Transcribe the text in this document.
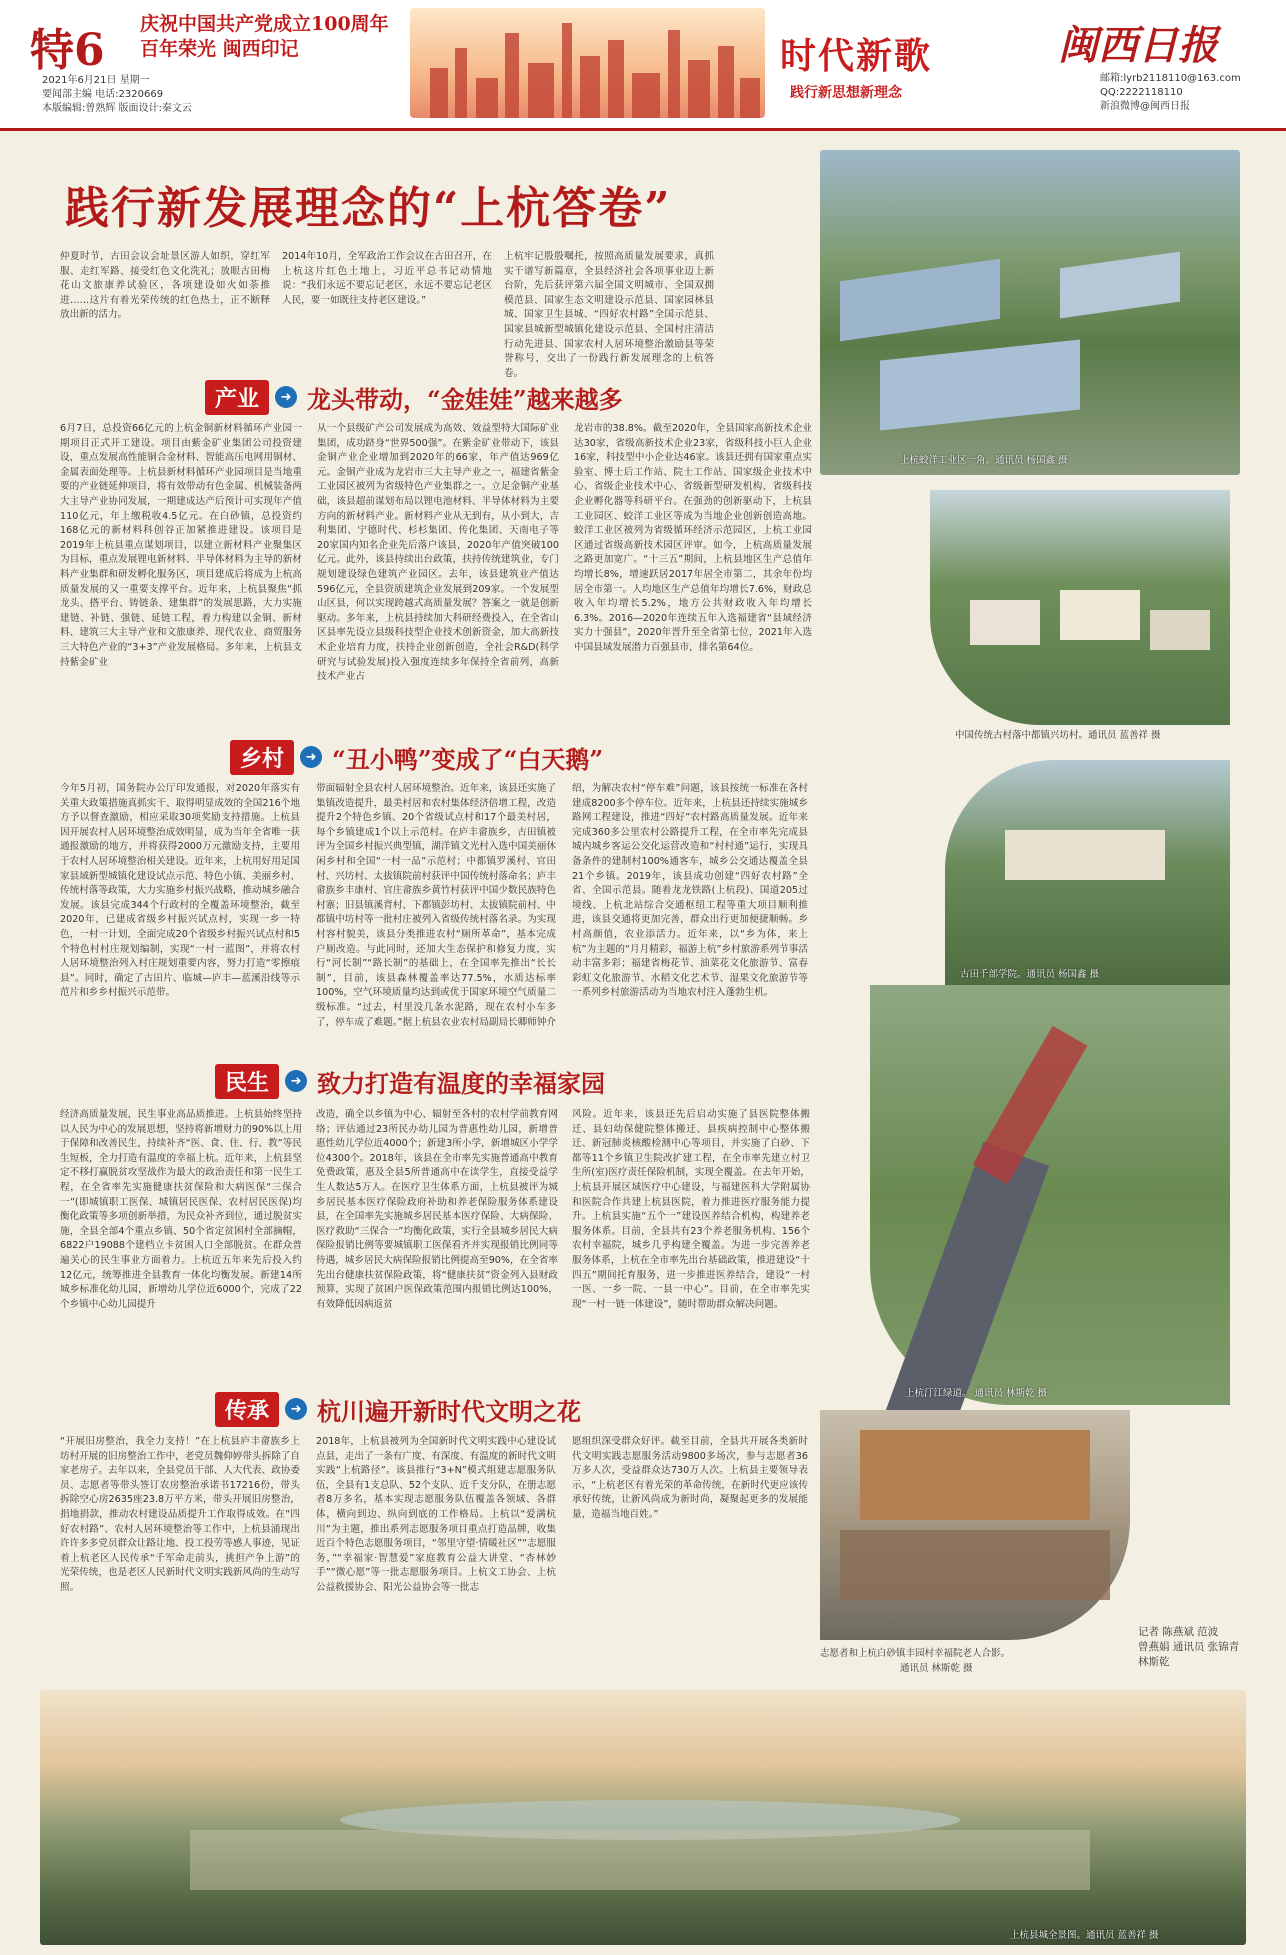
特6
庆祝中国共产党成立100周年
百年荣光 闽西印记
2021年6月21日 星期一
要闻部主编 电话:2320669
本版编辑:曾熟辉 版面设计:秦文云
时代新歌
践行新思想新理念
闽西日报
邮箱:lyrb2118110@163.com
QQ:2222118110
新浪微博@闽西日报
践行新发展理念的“上杭答卷”
仲夏时节，古田会议会址景区游人如织，穿红军服、走红军路、接受红色文化洗礼；放眼古田梅花山文旅康养试验区，各项建设如火如荼推进……这片有着光荣传统的红色热土，正不断释放出新的活力。
2014年10月，全军政治工作会议在古田召开，在上杭这片红色土地上，习近平总书记动情地说：“我们永远不要忘记老区，永远不要忘记老区人民，要一如既往支持老区建设。”
上杭牢记殷殷嘱托，按照高质量发展要求，真抓实干谱写新篇章，全县经济社会各项事业迈上新台阶，先后获评第六届全国文明城市、全国双拥模范县、国家生态文明建设示范县、国家园林县城、国家卫生县城、“四好农村路”全国示范县、国家县城新型城镇化建设示范县、全国村庄清洁行动先进县、国家农村人居环境整治激励县等荣誉称号，交出了一份践行新发展理念的上杭答卷。
产业	➜ 龙头带动，“金娃娃”越来越多
6月7日，总投资66亿元的上杭金铜新材料循环产业园一期项目正式开工建设。项目由紫金矿业集团公司投资建设，重点发展高性能铜合金材料、智能高压电网用铜材、金属表面处理等。上杭县新材料循环产业园项目是当地重要的产业链延伸项目，将有效带动有色金属、机械装备两大主导产业协同发展，一期建成达产后预计可实现年产值110亿元，年上缴税收4.5亿元。在白砂镇，总投资约168亿元的新材料科创谷正加紧推进建设。该项目是2019年上杭县重点谋划项目，以建立新材料产业聚集区为目标，重点发展锂电新材料、半导体材料为主导的新材料产业集群和研发孵化服务区，项目建成后将成为上杭高质量发展的又一重要支撑平台。近年来，上杭县聚焦“抓龙头、搭平台、铸链条、建集群”的发展思路，大力实施建链、补链、强链、延链工程，着力构建以金铜、新材料、建筑三大主导产业和文旅康养、现代农业、商贸服务三大特色产业的“3+3”产业发展格局。多年来，上杭县支持紫金矿业
从一个县级矿产公司发展成为高效、效益型特大国际矿业集团，成功跻身“世界500强”。在紫金矿业带动下，该县金铜产业企业增加到2020年的66家，年产值达969亿元。金铜产业成为龙岩市三大主导产业之一，福建省紫金工业园区被列为省级特色产业集群之一。立足金铜产业基础，该县超前谋划布局以锂电池材料、半导体材料为主要方向的新材料产业。新材料产业从无到有，从小到大，吉利集团、宁德时代、杉杉集团、传化集团、天南电子等20家国内知名企业先后落户该县，2020年产值突破100亿元。此外，该县持续出台政策，扶持传统建筑业，专门规划建设绿色建筑产业园区。去年，该县建筑业产值达596亿元，全县资质建筑企业发展到209家。一个发展型山区县，何以实现跨越式高质量发展？答案之一就是创新驱动。多年来，上杭县持续加大科研经费投入，在全省山区县率先设立县级科技型企业技术创新资金，加大高新技术企业培育力度，扶持企业创新创造，全社会R&D(科学研究与试验发展)投入强度连续多年保持全省前列，高新技术产业占
龙岩市的38.8%。截至2020年，全县国家高新技术企业达30家，省级高新技术企业23家，省级科技小巨人企业16家，科技型中小企业达46家。该县还拥有国家重点实验室、博士后工作站、院士工作站、国家级企业技术中心、省级企业技术中心、省级新型研发机构、省级科技企业孵化器等科研平台。在强劲的创新驱动下，上杭县工业园区、蛟洋工业区等成为当地企业创新创造高地。蛟洋工业区被列为省级循环经济示范园区，上杭工业园区通过省级高新技术园区评审。如今，上杭高质量发展之路更加宽广。“十三五”期间，上杭县地区生产总值年均增长8%，增速跃居2017年居全市第二，其余年份均居全市第一。人均地区生产总值年均增长7.6%，财政总收入年均增长5.2%，地方公共财政收入年均增长6.3%。2016—2020年连续五年入选福建省“县域经济实力十强县”，2020年晋升至全省第七位，2021年入选中国县域发展潜力百强县市，排名第64位。
乡村	➜ “丑小鸭”变成了“白天鹅”
今年5月初，国务院办公厅印发通报，对2020年落实有关重大政策措施真抓实干、取得明显成效的全国216个地方予以督查激励，相应采取30项奖励支持措施。上杭县因开展农村人居环境整治成效明显，成为当年全省唯一获通报激励的地方，并将获得2000万元激励支持，主要用于农村人居环境整治相关建设。近年来，上杭用好用足国家县域新型城镇化建设试点示范、特色小镇、美丽乡村、传统村落等政策，大力实施乡村振兴战略，推动城乡融合发展。该县完成344个行政村的全覆盖环境整治，截至2020年，已建成省级乡村振兴试点村，实现一乡一特色，一村一计划，全面完成20个省级乡村振兴试点村和5个特色村村庄规划编制，实现“一村一蓝图”，并将农村人居环境整治列入村庄规划重要内容，努力打造“零擦痕县”。同时，确定了古田片、临城—庐丰—蓝溪沿线等示范片和乡乡村振兴示范带。
带面辐射全县农村人居环境整治。近年来，该县还实施了集镇改造提升，最美村居和农村集体经济倍增工程，改造提升2个特色乡镇、20个省级试点村和17个最美村居，每个乡镇建成1个以上示范村。在庐丰畲族乡，古田镇被评为全国乡村振兴典型镇，湖洋镇文光村入选中国美丽休闲乡村和全国“一村一品”示范村；中都镇罗溪村、官田村、兴坊村、太拔镇院前村获评中国传统村落命名；庐丰畲族乡丰康村、官庄畲族乡黄竹村获评中国少数民族特色村寨；旧县镇溪背村、下都镇彭坊村、太拔镇院前村、中都镇中坊村等一批村庄被列入省级传统村落名录。为实现村容村貌美，该县分类推进农村“厕所革命”，基本完成户厕改造。与此同时，还加大生态保护和修复力度，实行“河长制”“路长制”的基础上，在全国率先推出“长长制”，目前，该县森林覆盖率达77.5%，水质达标率100%，空气环境质量均达到或优于国家环境空气质量二级标准。“过去，村里没几条水泥路，现在农村小车多了，停车成了难题。”据上杭县农业农村局副局长卿师钟介
绍，为解决农村“停车难”问题，该县按统一标准在各村建成8200多个停车位。近年来，上杭县还持续实施城乡路网工程建设，推进“四好”农村路高质量发展。近年来完成360多公里农村公路提升工程，在全市率先完成县城内城乡客运公交化运营改造和“村村通”运行，实现具备条件的建制村100%通客车，城乡公交通达覆盖全县21个乡镇。2019年，该县成功创建“四好农村路”全省、全国示范县。随着龙龙铁路(上杭段)、国道205过境线、上杭北站综合交通枢纽工程等重大项目顺利推进，该县交通将更加完善，群众出行更加便捷顺畅。乡村高颜值，农业添活力。近年来，以“乡为体，来上杭”为主题的“月月精彩，福游上杭”乡村旅游系列节事活动丰富多彩；福建省梅花节、油菜花文化旅游节、富春彩虹文化旅游节、水稻文化艺术节、湿果文化旅游节等一系列乡村旅游活动为当地农村注入蓬勃生机。
民生	➜ 致力打造有温度的幸福家园
经济高质量发展，民生事业高品质推进。上杭县始终坚持以人民为中心的发展思想，坚持将新增财力的90%以上用于保障和改善民生，持续补齐“医、食、住、行、教”等民生短板，全力打造有温度的幸福上杭。近年来，上杭县坚定不移打赢脱贫攻坚战作为最大的政治责任和第一民生工程，在全省率先实施健康扶贫保险和大病医保“三保合一”(即城镇职工医保、城镇居民医保、农村居民医保)均衡化政策等多项创新举措，为民众补齐到位，通过脱贫实施，全县全部4个重点乡镇、50个省定贫困村全部摘帽，6822户19088个建档立卡贫困人口全部脱贫。在群众普遍关心的民生事业方面着力。上杭近五年来先后投入约12亿元，统筹推进全县教育一体化均衡发展。新建14所城乡标准化幼儿园，新增幼儿学位近6000个，完成了22个乡镇中心幼儿园提升
改造，确全以乡镇为中心、辐射至各村的农村学前教育网络；评估通过23所民办幼儿园为普惠性幼儿园，新增普惠性幼儿学位近4000个；新建3所小学，新增城区小学学位4300个。2018年，该县在全市率先实施普通高中教育免费政策，惠及全县5所普通高中在读学生，直接受益学生人数达5万人。在医疗卫生体系方面，上杭县被评为城乡居民基本医疗保险政府补助和养老保险服务体系建设县，在全国率先实施城乡居民基本医疗保险、大病保险、医疗救助“三保合一”均衡化政策，实行全县城乡居民大病保险报销比例等要城镇职工医保看齐并实现报销比例同等待遇，城乡居民大病保险报销比例提高至90%，在全省率先出台健康扶贫保险政策，将“健康扶贫”资金列入县财政预算，实现了贫困户医保政策范围内报销比例达100%，有效降低因病返贫
风险。近年来，该县还先后启动实施了县医院整体搬迁、县妇幼保健院整体搬迁、县疾病控制中心整体搬迁、新冠肺炎核酸检测中心等项目，并实施了白砂、下都等11个乡镇卫生院改扩建工程，在全市率先建立村卫生所(室)医疗责任保险机制，实现全覆盖。在去年开始，上杭县开展区域医疗中心建设，与福建医科大学附属协和医院合作共建上杭县医院，着力推进医疗服务能力提升。上杭县实施“五个一”建设医养结合机构，构建养老服务体系。目前，全县共有23个养老服务机构、156个农村幸福院，城乡几乎构建全覆盖。为进一步完善养老服务体系，上杭在全市率先出台基础政策，推进建设“十四五”期间托育服务，进一步推进医养结合，建设“一村一医、一乡一院、一县一中心”。目前，在全市率先实现“一村一链一体建设”，随时帮助群众解决问题。
传承	➜ 杭川遍开新时代文明之花
“开展旧房整治，我全力支持！”在上杭县庐丰畲族乡上坊村开展的旧房整治工作中，老党员魏仰婷带头拆除了自家老房子。去年以来，全县党员干部、人大代表、政协委员、志愿者等带头签订农房整治承诺书17216份，带头拆除空心房2635座23.8万平方米，带头开展旧房整治，捐地捐款，推动农村建设品质提升工作取得成效。在“四好农村路”、农村人居环境整治等工作中，上杭县涌现出许许多多党员群众让路让地、投工投劳等感人事迹，见证着上杭老区人民传承“千军命走前头，挑担产争上游”的光荣传统，也是老区人民新时代文明实践新风尚的生动写照。
2018年，上杭县被列为全国新时代文明实践中心建设试点县，走出了一条有广度、有深度、有温度的新时代文明实践“上杭路径”。该县推行“3+N”模式组建志愿服务队伍，全县有1支总队、52个支队、近千支分队，在册志愿者8万多名，基本实现志愿服务队伍覆盖各领域、各群体，横向到边、纵向到底的工作格局。上杭以“爱满杭川”为主题，推出系列志愿服务项目重点打造品牌，收集近百个特色志愿服务项目，“邻里守望·情暖社区”“志愿服务，”“幸福家·智慧爱”家庭教育公益大讲堂、“杏林妙手”“微心愿”等一批志愿服务项目。上杭文工协会、上杭公益救援协会、阳光公益协会等一批志
愿组织深受群众好评。截至目前，全县共开展各类新时代文明实践志愿服务活动9800多场次，参与志愿者36万多人次，受益群众达730万人次。上杭县主要领导表示，“上杭老区有着光荣的革命传统，在新时代更应该传承好传统，让新风尚成为新时尚，凝聚起更多的发展能量，造福当地百姓。”
上杭蛟洋工业区一角。通讯员 杨国鑫 摄
中国传统古村落中都镇兴坊村。通讯员 蓝善祥 摄
古田千部学院。通讯员 杨国鑫 摄
上杭汀江绿道。 通讯员 林斯乾 摄
志愿者和上杭白砂镇丰园村幸福院老人合影。
通讯员 林斯乾 摄
记者 陈燕斌 范波
曾燕娟 通讯员 张锦青
林斯乾
上杭县城全景图。通讯员 蓝善祥 摄
